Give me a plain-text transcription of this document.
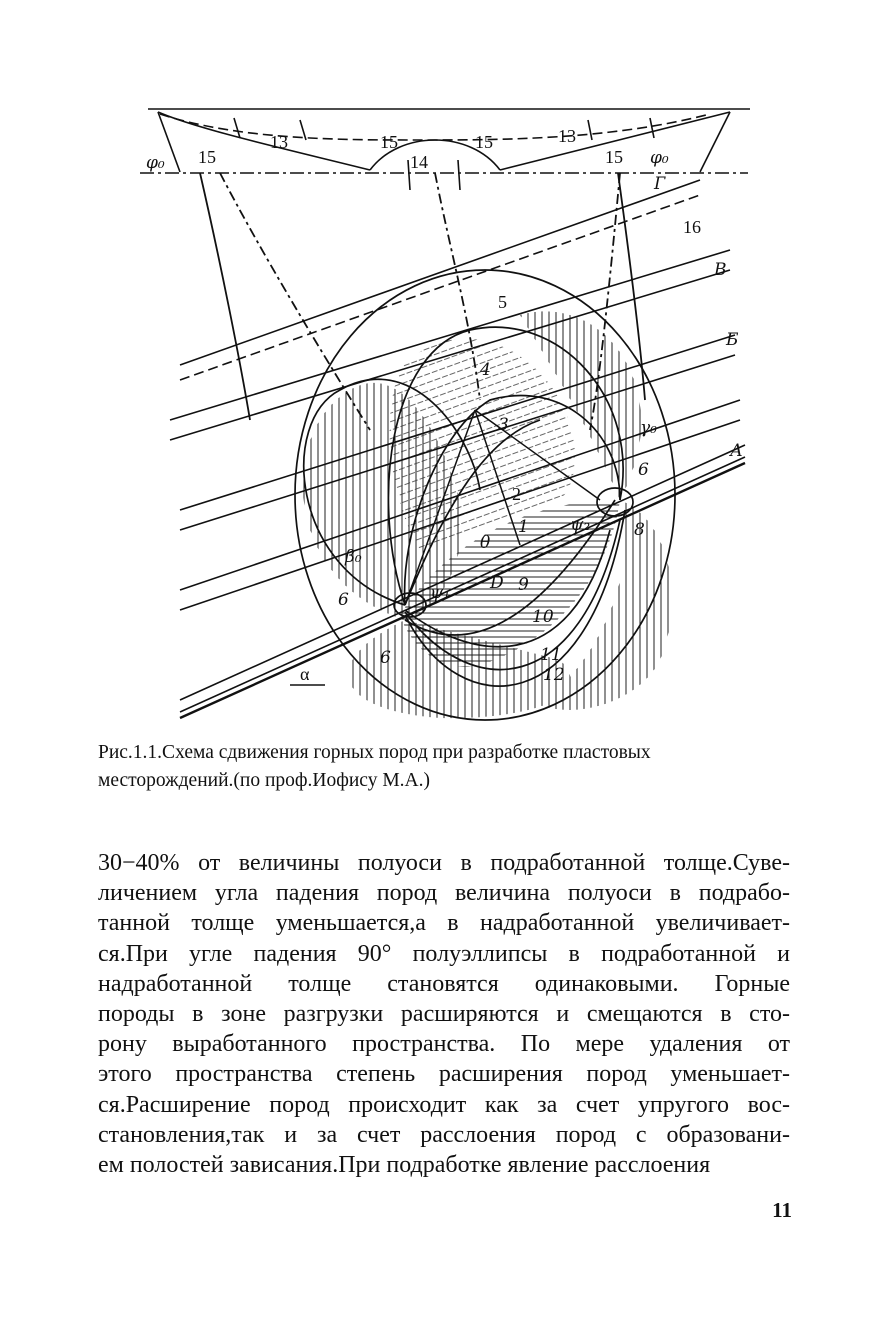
13	13
15
15	15
15
14
16
5
4
3
2
1
9
10
11
12
8
6
6
6
Г
В
Б
А
φ₀	φ₀
γ₀
β₀
θ
ψ₁
ψ₂
D
α

Рис.1.1.Схема сдвижения горных пород при разработке пластовых

месторождений.(по проф.Иофису М.А.)

30−40% от величины полуоси в подработанной толще.Суве-

личением угла падения пород величина полуоси в подрабо-

танной толще уменьшается,а в надработанной увеличивает-

ся.При угле падения 90° полуэллипсы в подработанной и

надработанной толще становятся одинаковыми. Горные

породы в зоне разгрузки расширяются и смещаются в сто-

рону выработанного пространства. По мере удаления от

этого пространства степень расширения пород уменьшает-

ся.Расширение пород происходит как за счет упругого вос-

становления,так и за счет расслоения пород с образовани-

ем полостей зависания.При подработке явление расслоения

11
